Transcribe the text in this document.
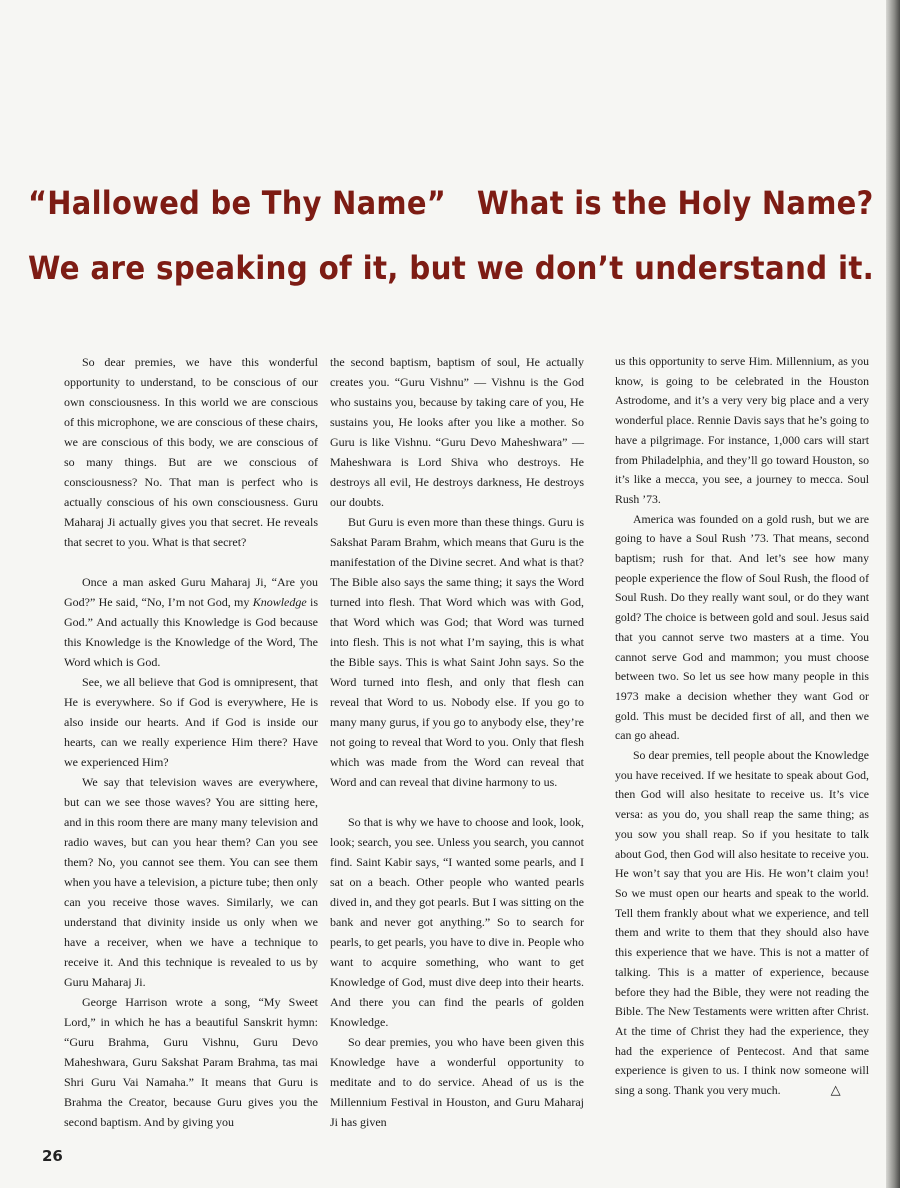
“Hallowed be Thy Name” What is the Holy Name?
We are speaking of it, but we don’t understand it.

So dear premies, we have this wonderful opportunity to understand, to be conscious of our own consciousness. In this world we are conscious of this microphone, we are conscious of these chairs, we are conscious of this body, we are conscious of so many things. But are we conscious of consciousness? No. That man is perfect who is actually conscious of his own consciousness. Guru Maharaj Ji actually gives you that secret. He reveals that secret to you. What is that secret?

Once a man asked Guru Maharaj Ji, “Are you God?” He said, “No, I’m not God, my Knowledge is God.” And actually this Knowledge is God because this Knowledge is the Knowledge of the Word, The Word which is God.

See, we all believe that God is omnipresent, that He is everywhere. So if God is everywhere, He is also inside our hearts. And if God is inside our hearts, can we really experience Him there? Have we experienced Him?

We say that television waves are everywhere, but can we see those waves? You are sitting here, and in this room there are many many television and radio waves, but can you hear them? Can you see them? No, you cannot see them. You can see them when you have a television, a picture tube; then only can you receive those waves. Similarly, we can understand that divinity inside us only when we have a receiver, when we have a technique to receive it. And this technique is revealed to us by Guru Maharaj Ji.

George Harrison wrote a song, “My Sweet Lord,” in which he has a beautiful Sanskrit hymn: “Guru Brahma, Guru Vishnu, Guru Devo Maheshwara, Guru Sakshat Param Brahma, tas mai Shri Guru Vai Namaha.” It means that Guru is Brahma the Creator, because Guru gives you the second baptism. And by giving you

the second baptism, baptism of soul, He actually creates you. “Guru Vishnu” — Vishnu is the God who sustains you, because by taking care of you, He sustains you, He looks after you like a mother. So Guru is like Vishnu. “Guru Devo Maheshwara” — Maheshwara is Lord Shiva who destroys. He destroys all evil, He destroys darkness, He destroys our doubts.

But Guru is even more than these things. Guru is Sakshat Param Brahm, which means that Guru is the manifestation of the Divine secret. And what is that? The Bible also says the same thing; it says the Word turned into flesh. That Word which was with God, that Word which was God; that Word was turned into flesh. This is not what I’m saying, this is what the Bible says. This is what Saint John says. So the Word turned into flesh, and only that flesh can reveal that Word to us. Nobody else. If you go to many many gurus, if you go to anybody else, they’re not going to reveal that Word to you. Only that flesh which was made from the Word can reveal that Word and can reveal that divine harmony to us.

So that is why we have to choose and look, look, look; search, you see. Unless you search, you cannot find. Saint Kabir says, “I wanted some pearls, and I sat on a beach. Other people who wanted pearls dived in, and they got pearls. But I was sitting on the bank and never got anything.” So to search for pearls, to get pearls, you have to dive in. People who want to acquire something, who want to get Knowledge of God, must dive deep into their hearts. And there you can find the pearls of golden Knowledge.

So dear premies, you who have been given this Knowledge have a wonderful opportunity to meditate and to do service. Ahead of us is the Millennium Festival in Houston, and Guru Maharaj Ji has given

us this opportunity to serve Him. Millennium, as you know, is going to be celebrated in the Houston Astrodome, and it’s a very very big place and a very wonderful place. Rennie Davis says that he’s going to have a pilgrimage. For instance, 1,000 cars will start from Philadelphia, and they’ll go toward Houston, so it’s like a mecca, you see, a journey to mecca. Soul Rush ’73.

America was founded on a gold rush, but we are going to have a Soul Rush ’73. That means, second baptism; rush for that. And let’s see how many people experience the flow of Soul Rush, the flood of Soul Rush. Do they really want soul, or do they want gold? The choice is between gold and soul. Jesus said that you cannot serve two masters at a time. You cannot serve God and mammon; you must choose between two. So let us see how many people in this 1973 make a decision whether they want God or gold. This must be decided first of all, and then we can go ahead.

So dear premies, tell people about the Knowledge you have received. If we hesitate to speak about God, then God will also hesitate to receive us. It’s vice versa: as you do, you shall reap the same thing; as you sow you shall reap. So if you hesitate to talk about God, then God will also hesitate to receive you. He won’t say that you are His. He won’t claim you! So we must open our hearts and speak to the world. Tell them frankly about what we experience, and tell them and write to them that they should also have this experience that we have. This is not a matter of talking. This is a matter of experience, because before they had the Bible, they were not reading the Bible. The New Testaments were written after Christ. At the time of Christ they had the experience, they had the experience of Pentecost. And that same experience is given to us. I think now someone will sing a song. Thank you very much.	△

26
